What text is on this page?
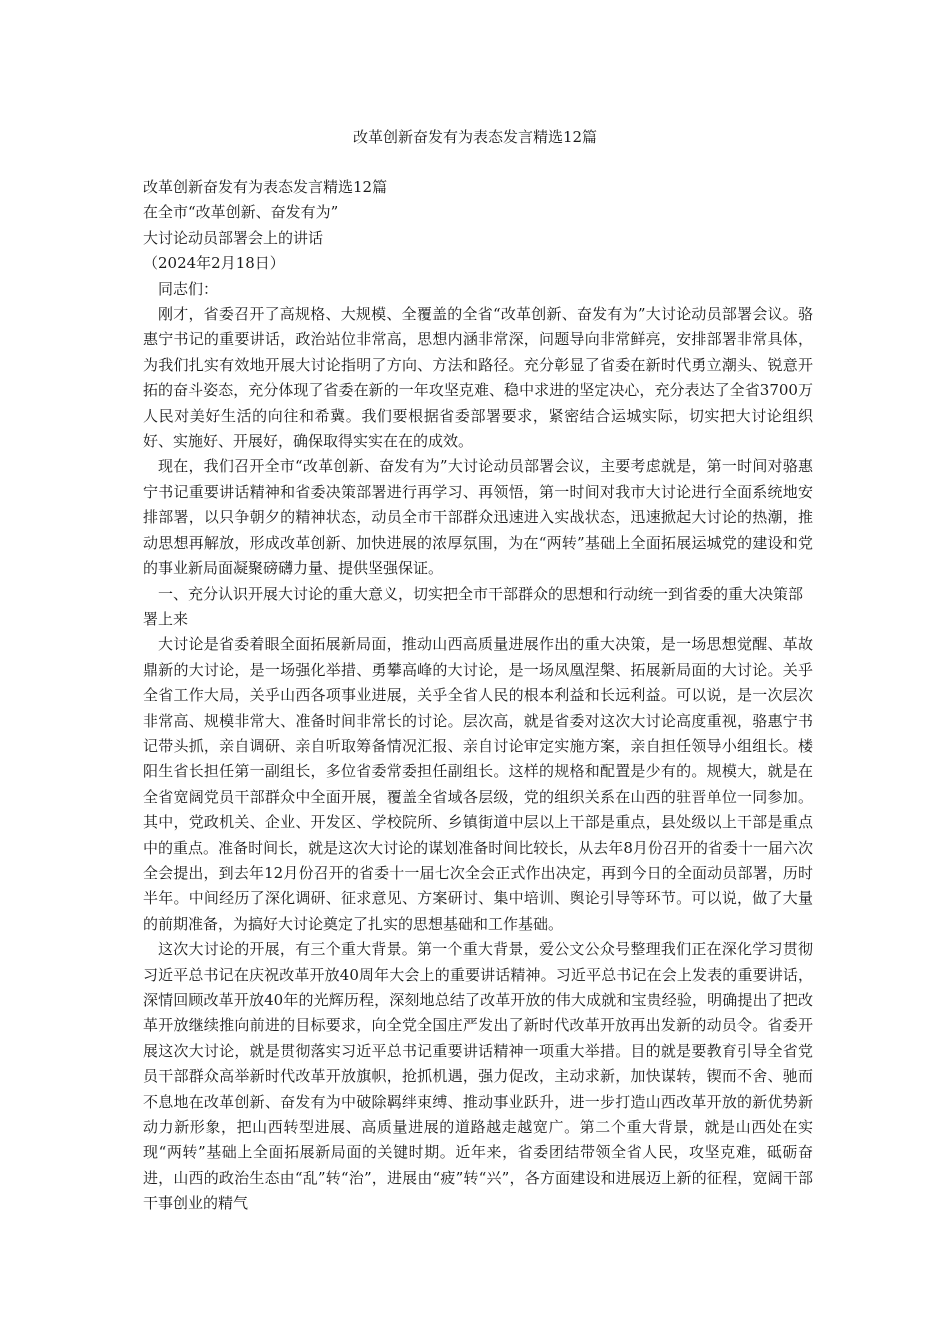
改革创新奋发有为表态发言精选12篇

改革创新奋发有为表态发言精选12篇

在全市“改革创新、奋发有为”

大讨论动员部署会上的讲话

（2024年2月18日）

同志们：

刚才，省委召开了高规格、大规模、全覆盖的全省“改革创新、奋发有为”大讨论动员部署会议。骆惠宁书记的重要讲话，政治站位非常高，思想内涵非常深，问题导向非常鲜亮，安排部署非常具体，为我们扎实有效地开展大讨论指明了方向、方法和路径。充分彰显了省委在新时代勇立潮头、锐意开拓的奋斗姿态，充分体现了省委在新的一年攻坚克难、稳中求进的坚定决心，充分表达了全省3700万人民对美好生活的向往和希冀。我们要根据省委部署要求，紧密结合运城实际，切实把大讨论组织好、实施好、开展好，确保取得实实在在的成效。

现在，我们召开全市“改革创新、奋发有为”大讨论动员部署会议，主要考虑就是，第一时间对骆惠宁书记重要讲话精神和省委决策部署进行再学习、再领悟，第一时间对我市大讨论进行全面系统地安排部署，以只争朝夕的精神状态，动员全市干部群众迅速进入实战状态，迅速掀起大讨论的热潮，推动思想再解放，形成改革创新、加快进展的浓厚氛围，为在“两转”基础上全面拓展运城党的建设和党的事业新局面凝聚磅礴力量、提供坚强保证。

一、充分认识开展大讨论的重大意义，切实把全市干部群众的思想和行动统一到省委的重大决策部署上来

大讨论是省委着眼全面拓展新局面，推动山西高质量进展作出的重大决策，是一场思想觉醒、革故鼎新的大讨论，是一场强化举措、勇攀高峰的大讨论，是一场凤凰涅槃、拓展新局面的大讨论。关乎全省工作大局，关乎山西各项事业进展，关乎全省人民的根本利益和长远利益。可以说，是一次层次非常高、规模非常大、准备时间非常长的讨论。层次高，就是省委对这次大讨论高度重视，骆惠宁书记带头抓，亲自调研、亲自听取筹备情况汇报、亲自讨论审定实施方案，亲自担任领导小组组长。楼阳生省长担任第一副组长，多位省委常委担任副组长。这样的规格和配置是少有的。规模大，就是在全省宽阔党员干部群众中全面开展，覆盖全省域各层级，党的组织关系在山西的驻晋单位一同参加。其中，党政机关、企业、开发区、学校院所、乡镇街道中层以上干部是重点，县处级以上干部是重点中的重点。准备时间长，就是这次大讨论的谋划准备时间比较长，从去年8月份召开的省委十一届六次全会提出，到去年12月份召开的省委十一届七次全会正式作出决定，再到今日的全面动员部署，历时半年。中间经历了深化调研、征求意见、方案研讨、集中培训、舆论引导等环节。可以说，做了大量的前期准备，为搞好大讨论奠定了扎实的思想基础和工作基础。

这次大讨论的开展，有三个重大背景。第一个重大背景，爱公文公众号整理我们正在深化学习贯彻习近平总书记在庆祝改革开放40周年大会上的重要讲话精神。习近平总书记在会上发表的重要讲话，深情回顾改革开放40年的光辉历程，深刻地总结了改革开放的伟大成就和宝贵经验，明确提出了把改革开放继续推向前进的目标要求，向全党全国庄严发出了新时代改革开放再出发新的动员令。省委开展这次大讨论，就是贯彻落实习近平总书记重要讲话精神一项重大举措。目的就是要教育引导全省党员干部群众高举新时代改革开放旗帜，抢抓机遇，强力促改，主动求新，加快谋转，锲而不舍、驰而不息地在改革创新、奋发有为中破除羁绊束缚、推动事业跃升，进一步打造山西改革开放的新优势新动力新形象，把山西转型进展、高质量进展的道路越走越宽广。第二个重大背景，就是山西处在实现“两转”基础上全面拓展新局面的关键时期。近年来，省委团结带领全省人民，攻坚克难，砥砺奋进，山西的政治生态由“乱”转“治”，进展由“疲”转“兴”，各方面建设和进展迈上新的征程，宽阔干部干事创业的精气
